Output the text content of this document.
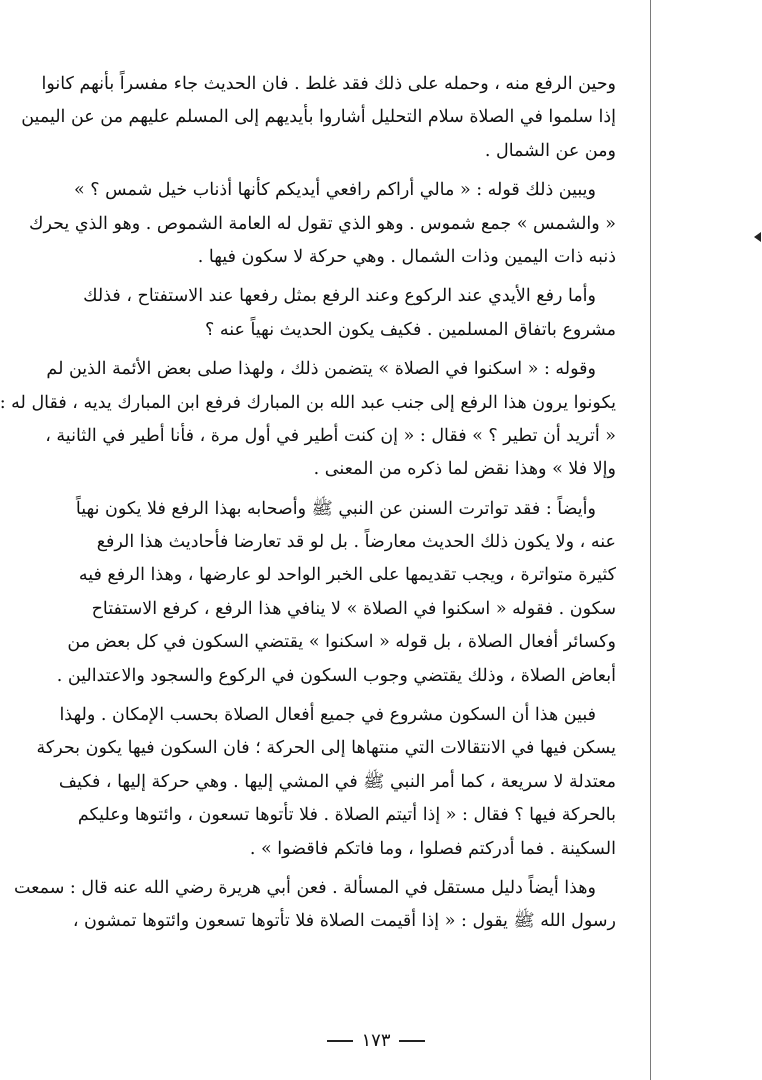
وحين الرفع منه ، وحمله على ذلك فقد غلط . فان الحديث جاء مفسراً بأنهم كانوا
إذا سلموا في الصلاة سلام التحليل أشاروا بأيديهم إلى المسلم عليهم من عن اليمين
ومن عن الشمال .
ويبين ذلك قوله : « مالي أراكم رافعي أيديكم كأنها أذناب خيل شمس ؟ »
« والشمس » جمع شموس . وهو الذي تقول له العامة الشموص . وهو الذي يحرك
ذنبه ذات اليمين وذات الشمال . وهي حركة لا سكون فيها .
وأما رفع الأيدي عند الركوع وعند الرفع بمثل رفعها عند الاستفتاح ، فذلك
مشروع باتفاق المسلمين . فكيف يكون الحديث نهياً عنه ؟
وقوله : « اسكنوا في الصلاة » يتضمن ذلك ، ولهذا صلى بعض الأئمة الذين لم
يكونوا يرون هذا الرفع إلى جنب عبد الله بن المبارك فرفع ابن المبارك يديه ، فقال له :
« أتريد أن تطير ؟ » فقال : « إن كنت أطير في أول مرة ، فأنا أطير في الثانية ،
وإلا فلا » وهذا نقض لما ذكره من المعنى .
وأيضاً : فقد تواترت السنن عن النبي ﷺ وأصحابه بهذا الرفع فلا يكون نهياً
عنه ، ولا يكون ذلك الحديث معارضاً . بل لو قد تعارضا فأحاديث هذا الرفع
كثيرة متواترة ، ويجب تقديمها على الخبر الواحد لو عارضها ، وهذا الرفع فيه
سكون . فقوله « اسكنوا في الصلاة » لا ينافي هذا الرفع ، كرفع الاستفتاح
وكسائر أفعال الصلاة ، بل قوله « اسكنوا » يقتضي السكون في كل بعض من
أبعاض الصلاة ، وذلك يقتضي وجوب السكون في الركوع والسجود والاعتدالين .
فبين هذا أن السكون مشروع في جميع أفعال الصلاة بحسب الإمكان . ولهذا
يسكن فيها في الانتقالات التي منتهاها إلى الحركة ؛ فان السكون فيها يكون بحركة
معتدلة لا سريعة ، كما أمر النبي ﷺ في المشي إليها . وهي حركة إليها ، فكيف
بالحركة فيها ؟ فقال : « إذا أتيتم الصلاة . فلا تأتوها تسعون ، وائتوها وعليكم
السكينة . فما أدركتم فصلوا ، وما فاتكم فاقضوا » .
وهذا أيضاً دليل مستقل في المسألة . فعن أبي هريرة رضي الله عنه قال : سمعت
رسول الله ﷺ يقول : « إذا أقيمت الصلاة فلا تأتوها تسعون وائتوها تمشون ،
١٧٣
